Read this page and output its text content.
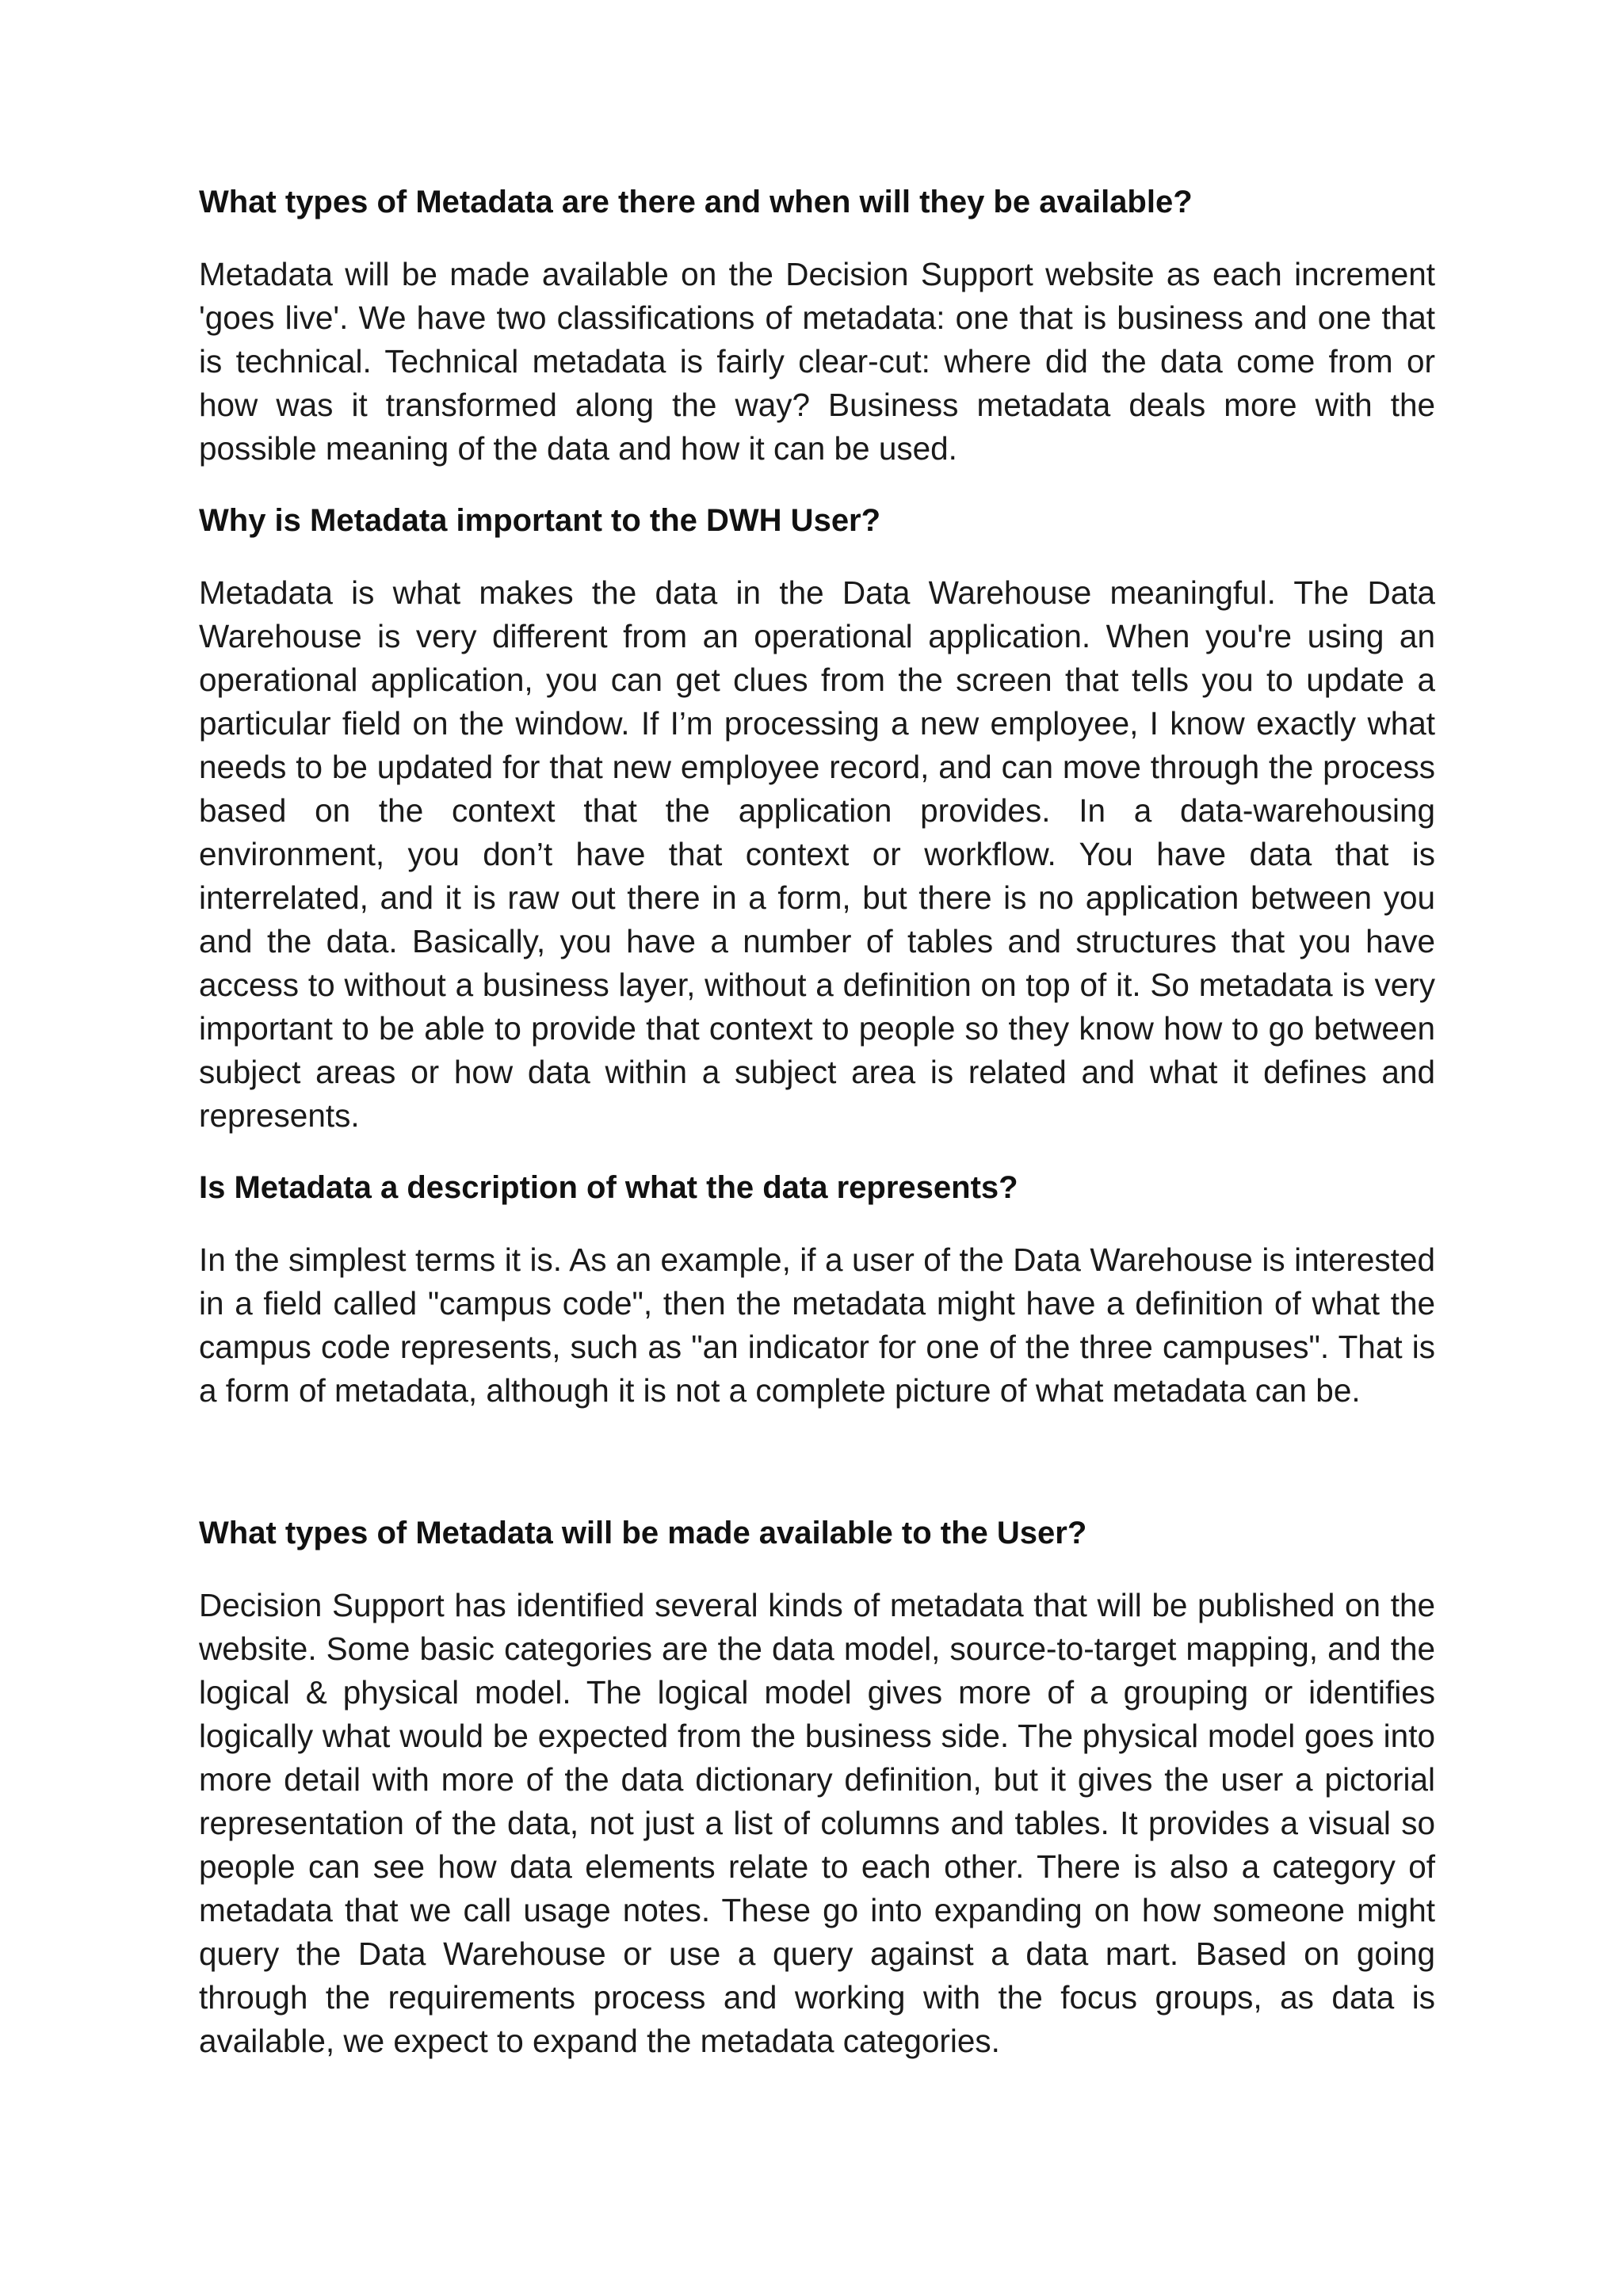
What types of Metadata are there and when will they be available?

Metadata will be made available on the Decision Support website as each increment 'goes live'. We have two classifications of metadata: one that is business and one that is technical. Technical metadata is fairly clear-cut: where did the data come from or how was it transformed along the way? Business metadata deals more with the possible meaning of the data and how it can be used.

Why is Metadata important to the DWH User?

Metadata is what makes the data in the Data Warehouse meaningful. The Data Warehouse is very different from an operational application. When you're using an operational application, you can get clues from the screen that tells you to update a particular field on the window. If I’m processing a new employee, I know exactly what needs to be updated for that new employee record, and can move through the process based on the context that the application provides. In a data-warehousing environment, you don’t have that context or workflow. You have data that is interrelated, and it is raw out there in a form, but there is no application between you and the data. Basically, you have a number of tables and structures that you have access to without a business layer, without a definition on top of it. So metadata is very important to be able to provide that context to people so they know how to go between subject areas or how data within a subject area is related and what it defines and represents.

Is Metadata a description of what the data represents?

In the simplest terms it is. As an example, if a user of the Data Warehouse is interested in a field called "campus code", then the metadata might have a definition of what the campus code represents, such as "an indicator for one of the three campuses". That is a form of metadata, although it is not a complete picture of what metadata can be.

What types of Metadata will be made available to the User?

Decision Support has identified several kinds of metadata that will be published on the website. Some basic categories are the data model, source-to-target mapping, and the logical & physical model. The logical model gives more of a grouping or identifies logically what would be expected from the business side. The physical model goes into more detail with more of the data dictionary definition, but it gives the user a pictorial representation of the data, not just a list of columns and tables. It provides a visual so people can see how data elements relate to each other. There is also a category of metadata that we call usage notes. These go into expanding on how someone might query the Data Warehouse or use a query against a data mart. Based on going through the requirements process and working with the focus groups, as data is available, we expect to expand the metadata categories.
